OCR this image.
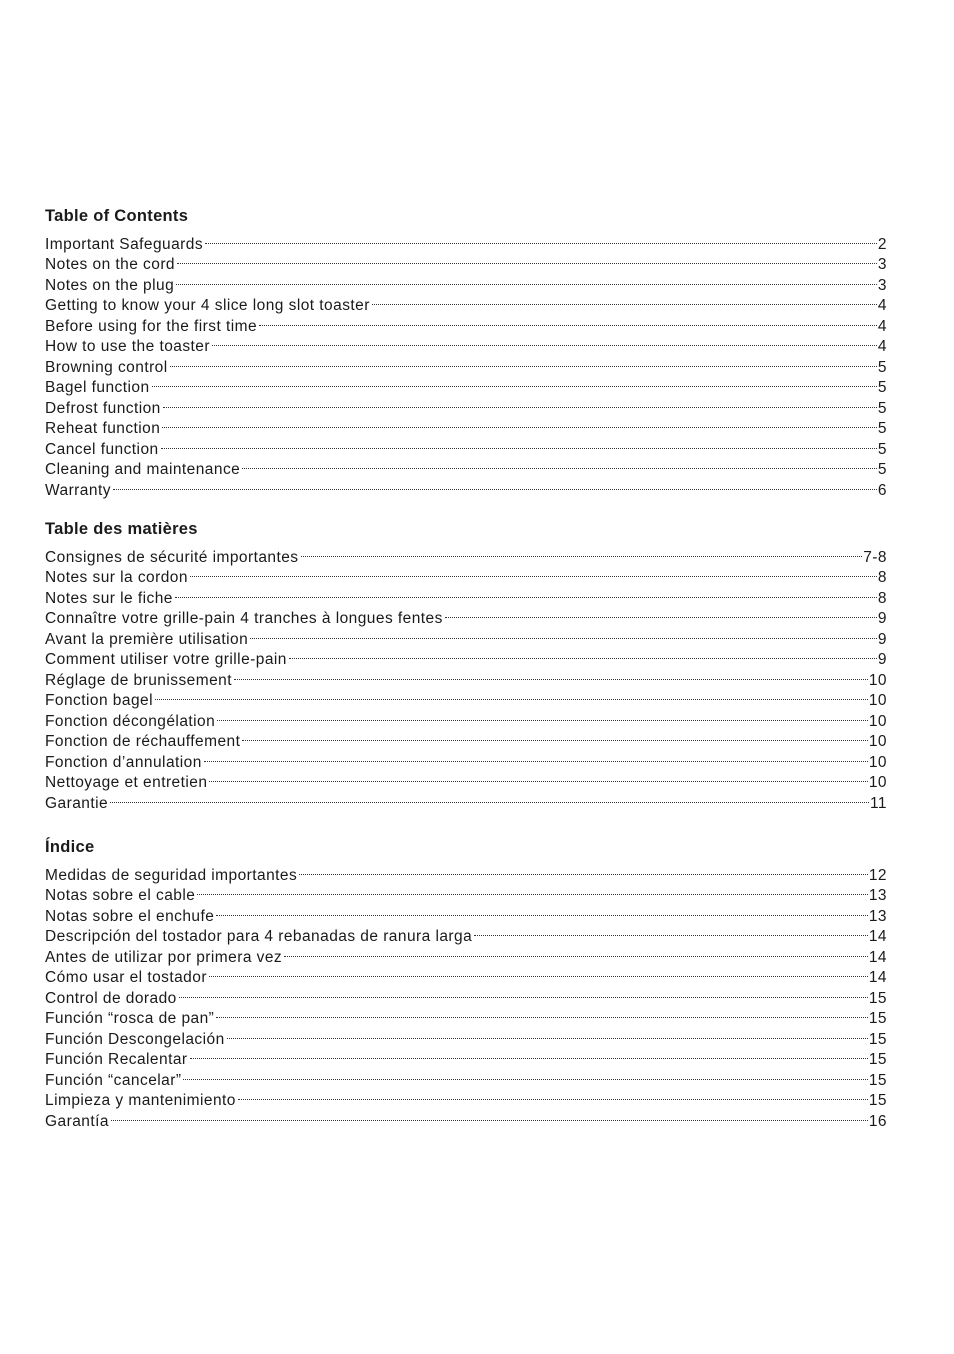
Table of Contents
Important Safeguards	2
Notes on the cord	3
Notes on the plug	3
Getting to know your 4 slice long slot toaster	4
Before using for the first time	4
How to use the toaster	4
Browning control	5
Bagel function	5
Defrost function	5
Reheat function	5
Cancel function	5
Cleaning and maintenance	5
Warranty	6
Table des matières
Consignes de sécurité importantes	7-8
Notes sur la cordon	8
Notes sur le fiche	8
Connaître votre grille-pain 4 tranches à longues fentes	9
Avant la première utilisation	9
Comment utiliser votre grille-pain	9
Réglage de brunissement	10
Fonction bagel	10
Fonction décongélation	10
Fonction de réchauffement	10
Fonction d’annulation	10
Nettoyage et entretien	10
Garantie	11
Índice
Medidas de seguridad importantes	12
Notas sobre el cable	13
Notas sobre el enchufe	13
Descripción del tostador para 4 rebanadas de ranura larga	14
Antes de utilizar por primera vez	14
Cómo usar el tostador	14
Control de dorado	15
Función “rosca de pan”	15
Función Descongelación	15
Función Recalentar	15
Función “cancelar”	15
Limpieza y mantenimiento	15
Garantía	16
